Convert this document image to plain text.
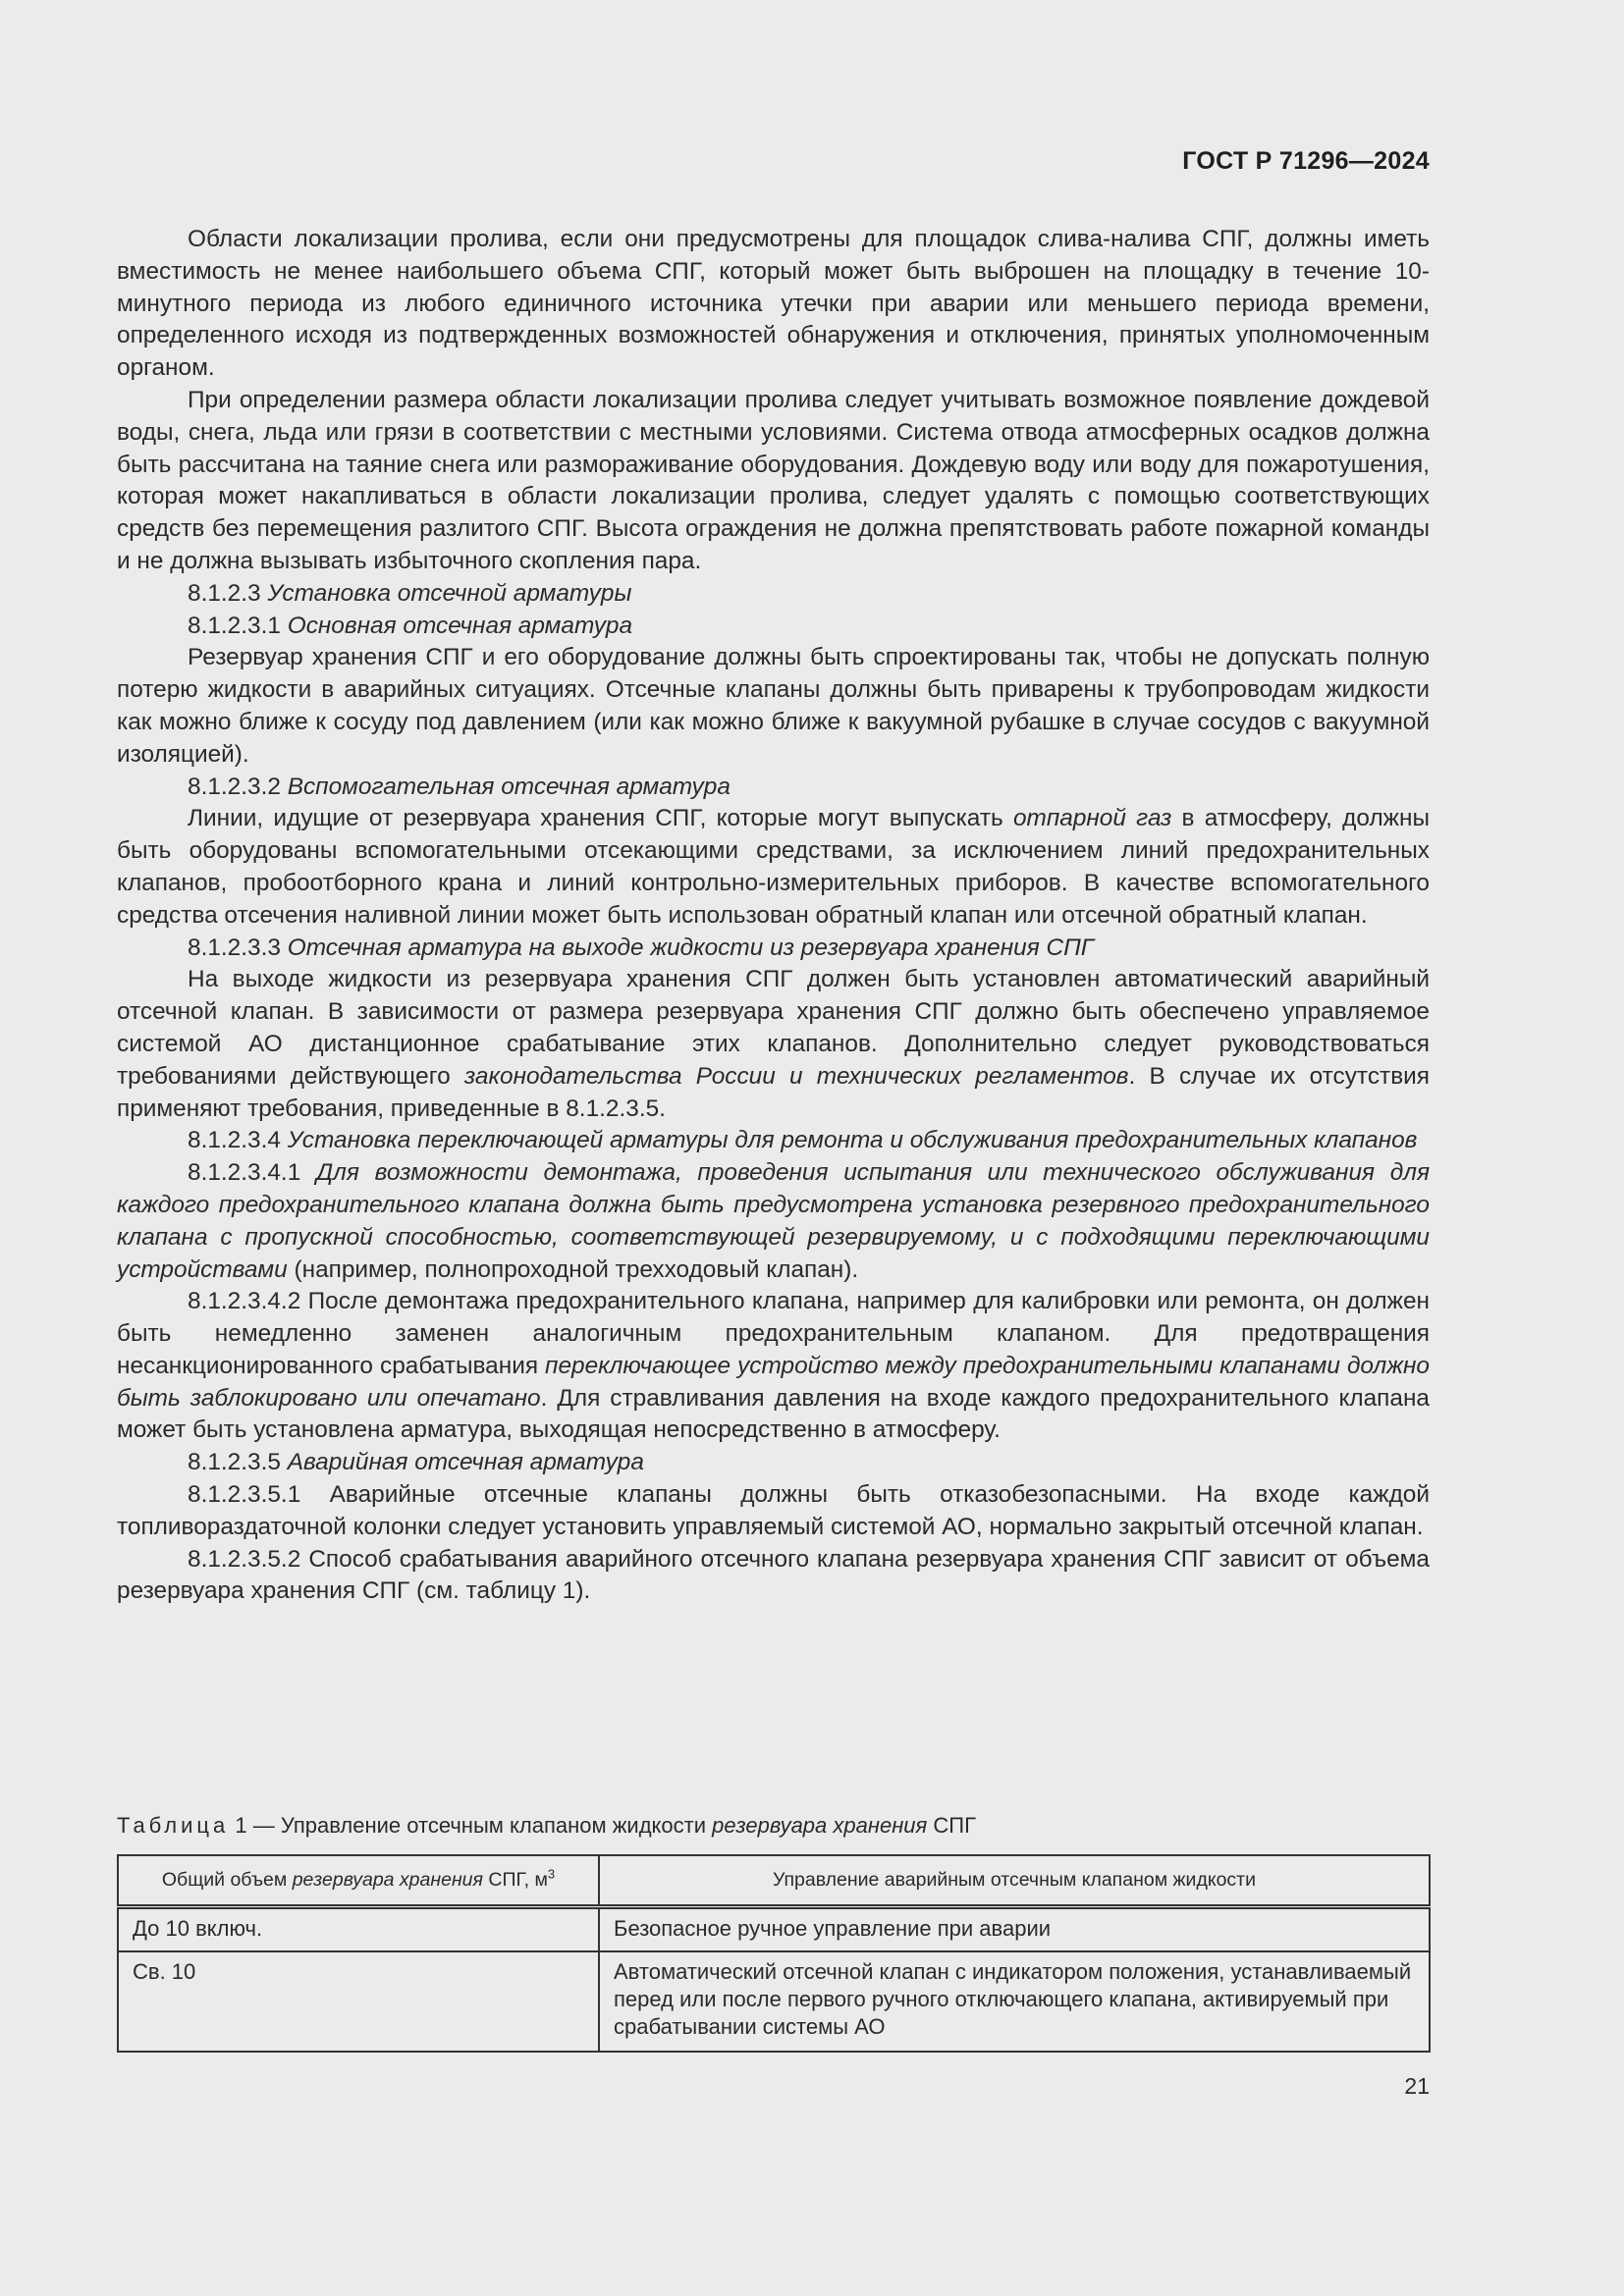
ГОСТ Р 71296—2024

Области локализации пролива, если они предусмотрены для площадок слива-налива СПГ, должны иметь вместимость не менее наибольшего объема СПГ, который может быть выброшен на площадку в течение 10-минутного периода из любого единичного источника утечки при аварии или меньшего периода времени, определенного исходя из подтвержденных возможностей обнаружения и отключения, принятых уполномоченным органом.

При определении размера области локализации пролива следует учитывать возможное появление дождевой воды, снега, льда или грязи в соответствии с местными условиями. Система отвода атмосферных осадков должна быть рассчитана на таяние снега или размораживание оборудования. Дождевую воду или воду для пожаротушения, которая может накапливаться в области локализации пролива, следует удалять с помощью соответствующих средств без перемещения разлитого СПГ. Высота ограждения не должна препятствовать работе пожарной команды и не должна вызывать избыточного скопления пара.

8.1.2.3 Установка отсечной арматуры

8.1.2.3.1 Основная отсечная арматура

Резервуар хранения СПГ и его оборудование должны быть спроектированы так, чтобы не допускать полную потерю жидкости в аварийных ситуациях. Отсечные клапаны должны быть приварены к трубопроводам жидкости как можно ближе к сосуду под давлением (или как можно ближе к вакуумной рубашке в случае сосудов с вакуумной изоляцией).

8.1.2.3.2 Вспомогательная отсечная арматура

Линии, идущие от резервуара хранения СПГ, которые могут выпускать отпарной газ в атмосферу, должны быть оборудованы вспомогательными отсекающими средствами, за исключением линий предохранительных клапанов, пробоотборного крана и линий контрольно-измерительных приборов. В качестве вспомогательного средства отсечения наливной линии может быть использован обратный клапан или отсечной обратный клапан.

8.1.2.3.3 Отсечная арматура на выходе жидкости из резервуара хранения СПГ

На выходе жидкости из резервуара хранения СПГ должен быть установлен автоматический аварийный отсечной клапан. В зависимости от размера резервуара хранения СПГ должно быть обеспечено управляемое системой АО дистанционное срабатывание этих клапанов. Дополнительно следует руководствоваться требованиями действующего законодательства России и технических регламентов. В случае их отсутствия применяют требования, приведенные в 8.1.2.3.5.

8.1.2.3.4 Установка переключающей арматуры для ремонта и обслуживания предохранительных клапанов

8.1.2.3.4.1 Для возможности демонтажа, проведения испытания или технического обслуживания для каждого предохранительного клапана должна быть предусмотрена установка резервного предохранительного клапана с пропускной способностью, соответствующей резервируемому, и с подходящими переключающими устройствами (например, полнопроходной трехходовый клапан).

8.1.2.3.4.2 После демонтажа предохранительного клапана, например для калибровки или ремонта, он должен быть немедленно заменен аналогичным предохранительным клапаном. Для предотвращения несанкционированного срабатывания переключающее устройство между предохранительными клапанами должно быть заблокировано или опечатано. Для стравливания давления на входе каждого предохранительного клапана может быть установлена арматура, выходящая непосредственно в атмосферу.

8.1.2.3.5 Аварийная отсечная арматура

8.1.2.3.5.1 Аварийные отсечные клапаны должны быть отказобезопасными. На входе каждой топливораздаточной колонки следует установить управляемый системой АО, нормально закрытый отсечной клапан.

8.1.2.3.5.2 Способ срабатывания аварийного отсечного клапана резервуара хранения СПГ зависит от объема резервуара хранения СПГ (см. таблицу 1).

Таблица 1 — Управление отсечным клапаном жидкости резервуара хранения СПГ
Общий объем резервуара хранения СПГ, $м^3$	Управление аварийным отсечным клапаном жидкости
До 10 включ.	Безопасное ручное управление при аварии
Св. 10	Автоматический отсечной клапан с индикатором положения, устанавливаемый перед или после первого ручного отключающего клапана, активируемый при срабатывании системы АО
21
